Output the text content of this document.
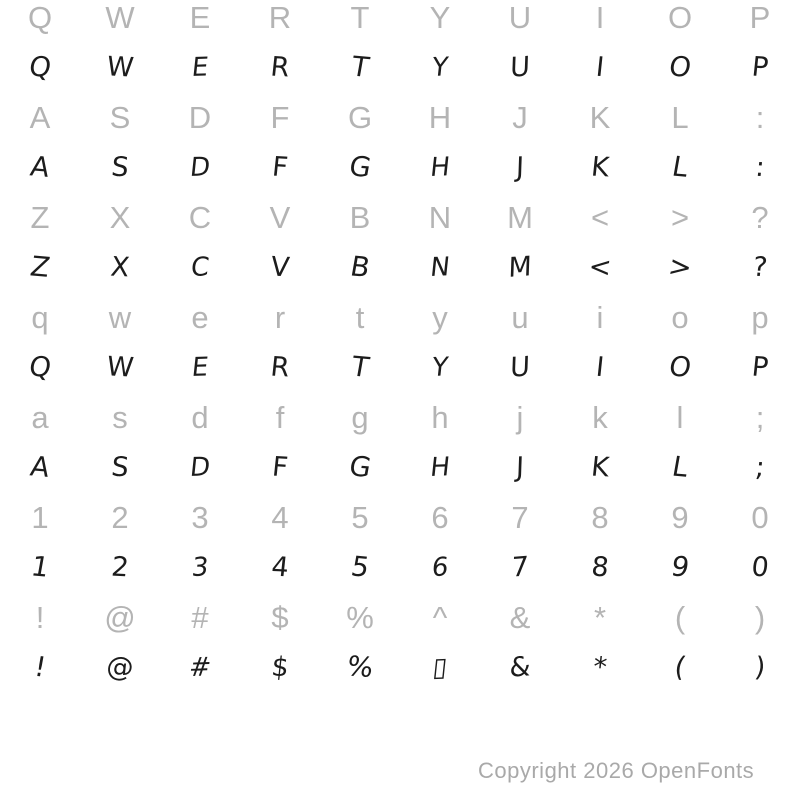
Q	W	E	R	T	Y	U	I	O	P
Q	W	E	R	T	Y	U	I	O	P
A	S	D	F	G	H	J	K	L	:
A	S	D	F	G	H	J	K	L	:
Z	X	C	V	B	N	M	<	>	?
Z	X	C	V	B	N	M	<	>	?
q	w	e	r	t	y	u	i	o	p
Q	W	E	R	T	Y	U	I	O	P
a	s	d	f	g	h	j	k	l	;
A	S	D	F	G	H	J	K	L	;
1	2	3	4	5	6	7	8	9	0
1	2	3	4	5	6	7	8	9	0
!	@	#	$	%	^	&	*	(	)
!	@	#	$	%	▯	&	*	(	)
Copyright 2026 OpenFonts
